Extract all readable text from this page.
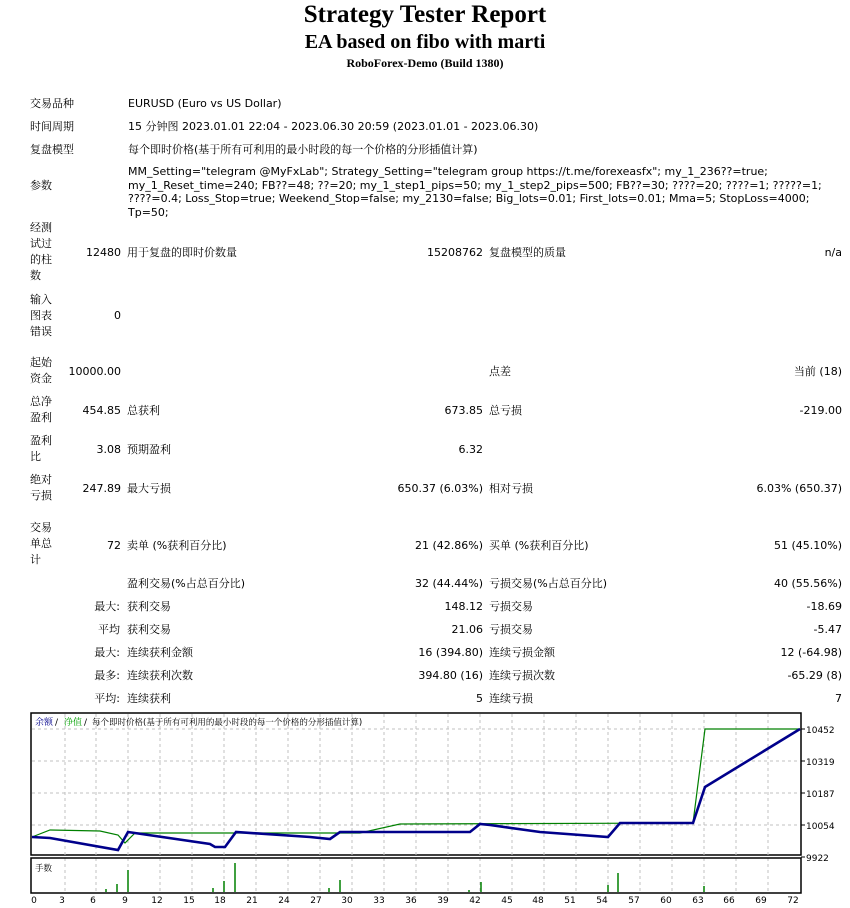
Strategy Tester Report
EA based on fibo with marti
RoboForex-Demo (Build 1380)
交易品种	EURUSD (Euro vs US Dollar)
时间周期	15 分钟图 2023.01.01 22:04 - 2023.06.30 20:59 (2023.01.01 - 2023.06.30)
复盘模型	每个即时价格(基于所有可利用的最小时段的每一个价格的分形插值计算)
参数
MM_Setting="telegram @MyFxLab"; Strategy_Setting="telegram group https://t.me/forexeasfx"; my_1_236??=true; my_1_Reset_time=240; FB??=48; ??=20; my_1_step1_pips=50; my_1_step2_pips=500; FB??=30; ????=20; ????=1; ?????=1; ????=0.4; Loss_Stop=true; Weekend_Stop=false; my_2130=false; Big_lots=0.01; First_lots=0.01; Mma=5; StopLoss=4000; Tp=50;
经测试过的柱数
12480 用于复盘的即时价数量	15208762 复盘模型的质量	n/a
输入图表错误
0
起始资金
10000.00	点差	当前 (18)
总净盈利
454.85 总获利	673.85 总亏损	-219.00
盈利比
3.08 预期盈利	6.32
绝对亏损
247.89 最大亏损	650.37 (6.03%) 相对亏损	6.03% (650.37)
交易单总计
72 卖单 (%获利百分比)	21 (42.86%) 买单 (%获利百分比)	51 (45.10%)
盈利交易(%占总百分比)	32 (44.44%) 亏损交易(%占总百分比)	40 (55.56%)
最大: 获利交易	148.12 亏损交易	-18.69
平均 获利交易	21.06 亏损交易	-5.47
最大: 连续获利金额	16 (394.80) 连续亏损金额	12 (-64.98)
最多: 连续获利次数	394.80 (16) 连续亏损次数	-65.29 (8)
平均: 连续获利	5 连续亏损	7
余额 / 净值 / 每个即时价格(基于所有可利用的最小时段的每一个价格的分形插值计算)
10452
10319
10187
10054
9922
手数
0 3	6	9	12 15 18 21 24 27 30 33 36 39 42 45 48 51 54 57 60 63 66 69 72
